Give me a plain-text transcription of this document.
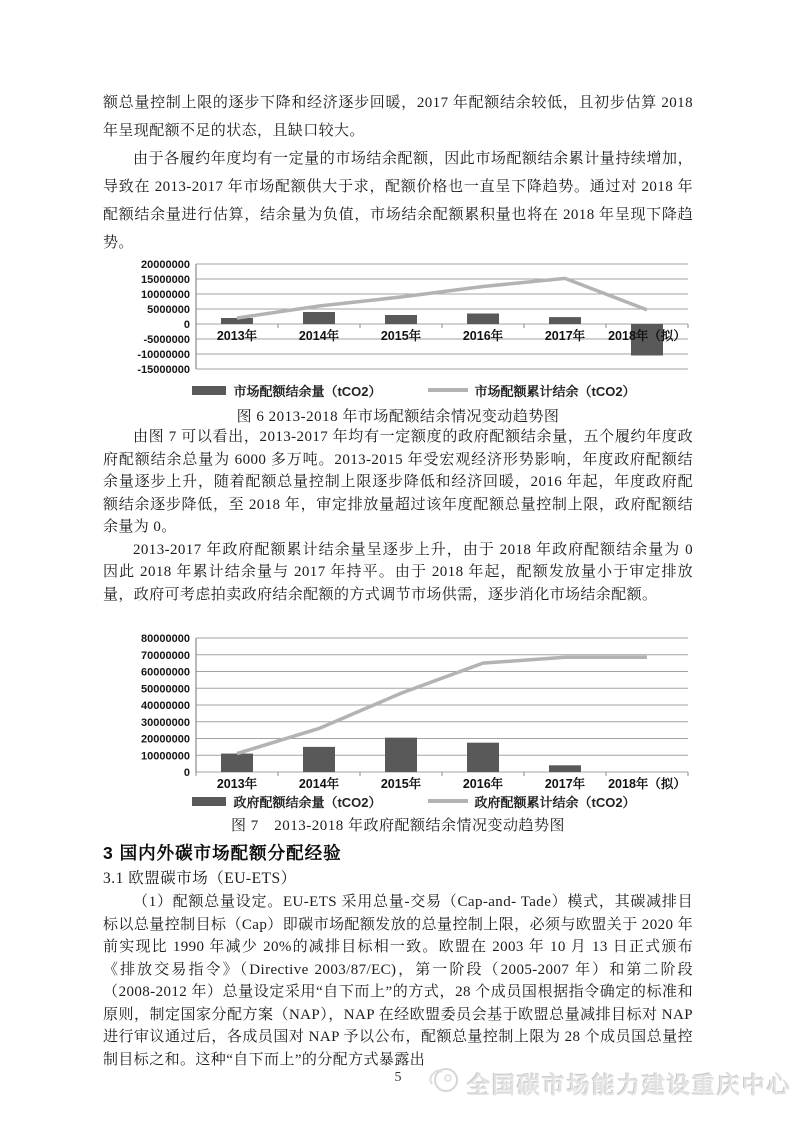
额总量控制上限的逐步下降和经济逐步回暖，2017 年配额结余较低，且初步估算 2018 年呈现配额不足的状态，且缺口较大。

由于各履约年度均有一定量的市场结余配额，因此市场配额结余累计量持续增加，导致在 2013-2017 年市场配额供大于求，配额价格也一直呈下降趋势。通过对 2018 年配额结余量进行估算，结余量为负值，市场结余配额累积量也将在 2018 年呈现下降趋势。

-15000000
-10000000
-5000000
0
5000000
10000000
15000000
20000000
2013年	2014年	2015年	2016年	2017年 2018年（拟）
市场配额结余量（tCO2）	市场配额累计结余（tCO2）

图 6 2013-2018 年市场配额结余情况变动趋势图

由图 7 可以看出，2013-2017 年均有一定额度的政府配额结余量，五个履约年度政府配额结余总量为 6000 多万吨。2013-2015 年受宏观经济形势影响，年度政府配额结余量逐步上升，随着配额总量控制上限逐步降低和经济回暖，2016 年起，年度政府配额结余逐步降低，至 2018 年，审定排放量超过该年度配额总量控制上限，政府配额结余量为 0。

2013-2017 年政府配额累计结余量呈逐步上升，由于 2018 年政府配额结余量为 0 因此 2018 年累计结余量与 2017 年持平。由于 2018 年起，配额发放量小于审定排放量，政府可考虑拍卖政府结余配额的方式调节市场供需，逐步消化市场结余配额。

0
10000000
20000000
30000000
40000000
50000000
60000000
70000000
80000000
2013年	2014年	2015年	2016年	2017年 2018年（拟）
政府配额结余量（tCO2）	政府配额累计结余（tCO2）

图 7　2013-2018 年政府配额结余情况变动趋势图

3 国内外碳市场配额分配经验

3.1 欧盟碳市场（EU-ETS）

（1）配额总量设定。EU-ETS 采用总量-交易（Cap-and- Tade）模式，其碳减排目标以总量控制目标（Cap）即碳市场配额发放的总量控制上限，必须与欧盟关于 2020 年前实现比 1990 年减少 20%的减排目标相一致。欧盟在 2003 年 10 月 13 日正式颁布《排放交易指令》（Directive 2003/87/EC)，第一阶段（2005-2007 年）和第二阶段（2008-2012 年）总量设定采用“自下而上”的方式，28 个成员国根据指令确定的标准和原则，制定国家分配方案（NAP），NAP 在经欧盟委员会基于欧盟总量减排目标对 NAP 进行审议通过后，各成员国对 NAP 予以公布，配额总量控制上限为 28 个成员国总量控制目标之和。这种“自下而上”的分配方式暴露出

5	全国碳市场能力建设重庆中心
